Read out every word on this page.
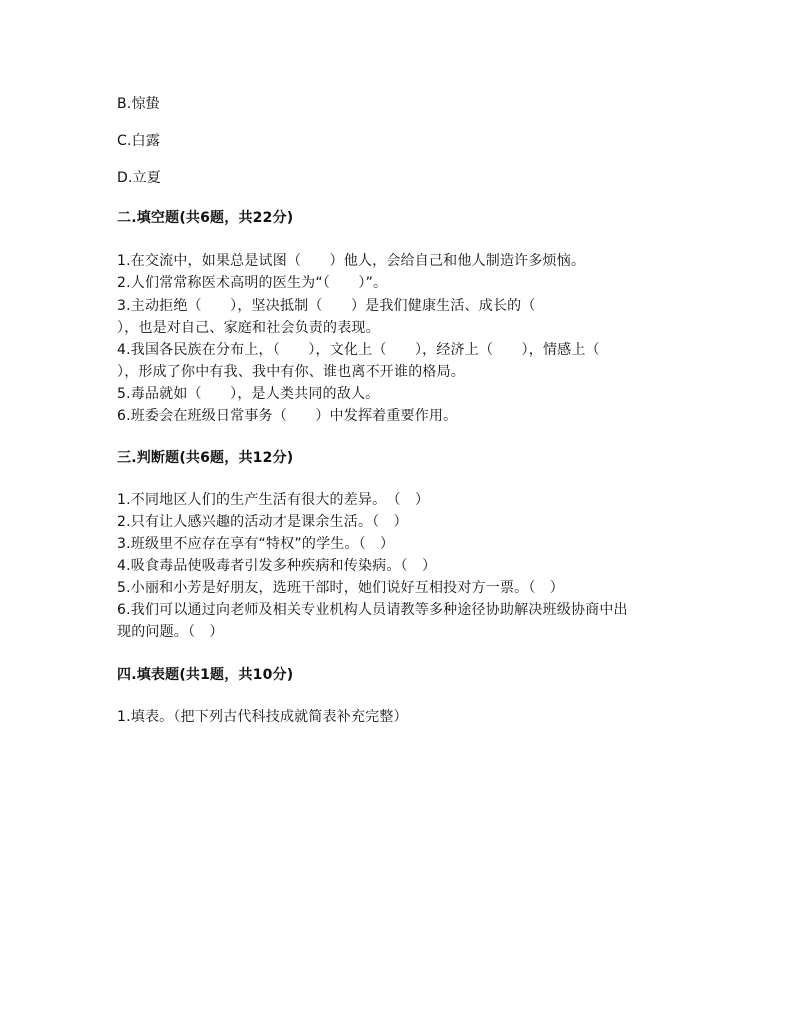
B.惊蛰
C.白露
D.立夏
二.填空题(共6题，共22分)
1.在交流中，如果总是试图（　　）他人，会给自己和他人制造许多烦恼。
2.人们常常称医术高明的医生为“（　　）”。
3.主动拒绝（　　），坚决抵制（　　）是我们健康生活、成长的（
），也是对自己、家庭和社会负责的表现。
4.我国各民族在分布上，（　　），文化上（　　），经济上（　　），情感上（
），形成了你中有我、我中有你、谁也离不开谁的格局。
5.毒品就如（　　），是人类共同的敌人。
6.班委会在班级日常事务（　　）中发挥着重要作用。
三.判断题(共6题，共12分)
1.不同地区人们的生产生活有很大的差异。　（　）
2.只有让人感兴趣的活动才是课余生活。（　）
3.班级里不应存在享有“特权”的学生。（　）
4.吸食毒品使吸毒者引发多种疾病和传染病。（　）
5.小丽和小芳是好朋友，选班干部时，她们说好互相投对方一票。（　）
6.我们可以通过向老师及相关专业机构人员请教等多种途径协助解决班级协商中出
现的问题。（　）
四.填表题(共1题，共10分)
1.填表。（把下列古代科技成就简表补充完整）
